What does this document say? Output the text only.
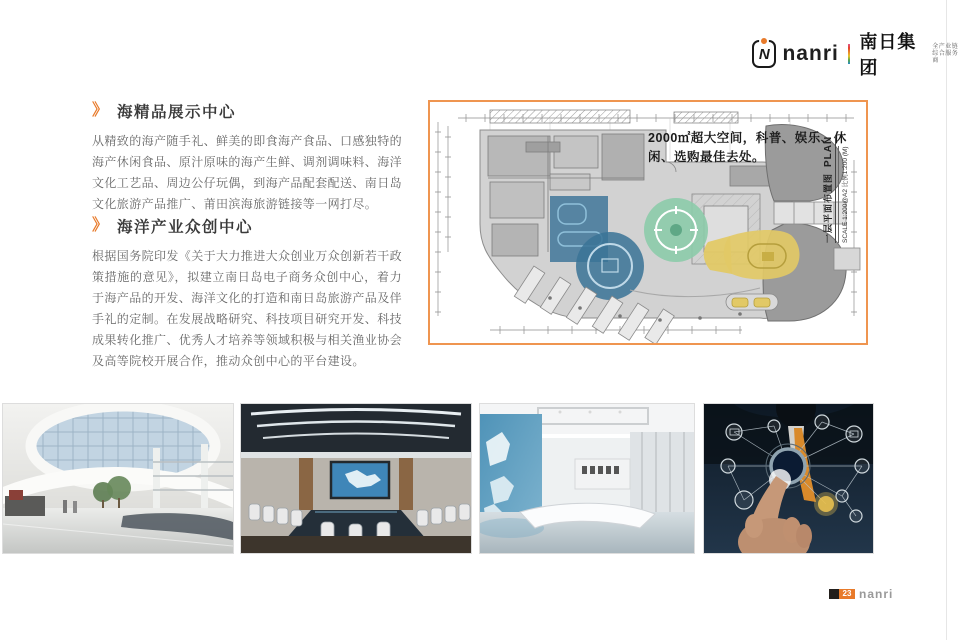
N nanri 南日集团
全产业链
综合服务商
》 海精品展示中心
从精致的海产随手礼、鲜美的即食海产食品、口感独特的海产休闲食品、原汁原味的海产生鲜、调剂调味料、海洋文化工艺品、周边公仔玩偶，到海产品配套配送、南日岛文化旅游产品推广、莆田滨海旅游链接等一网打尽。
》 海洋产业众创中心
根据国务院印发《关于大力推进大众创业万众创新若干政策措施的意见》，拟建立南日岛电子商务众创中心，着力于海产品的开发、海洋文化的打造和南日岛旅游产品及伴手礼的定制。在发展战略研究、科技项目研究开发、科技成果转化推广、优秀人才培养等领域积极与相关渔业协会及高等院校开展合作，推动众创中心的平台建设。
2000㎡超大空间，科普、娱乐、休闲、选购最佳去处。
一层平面布置图PLAN	SCALE 1:200@A2 比例1:200 (M)
23 nanri
